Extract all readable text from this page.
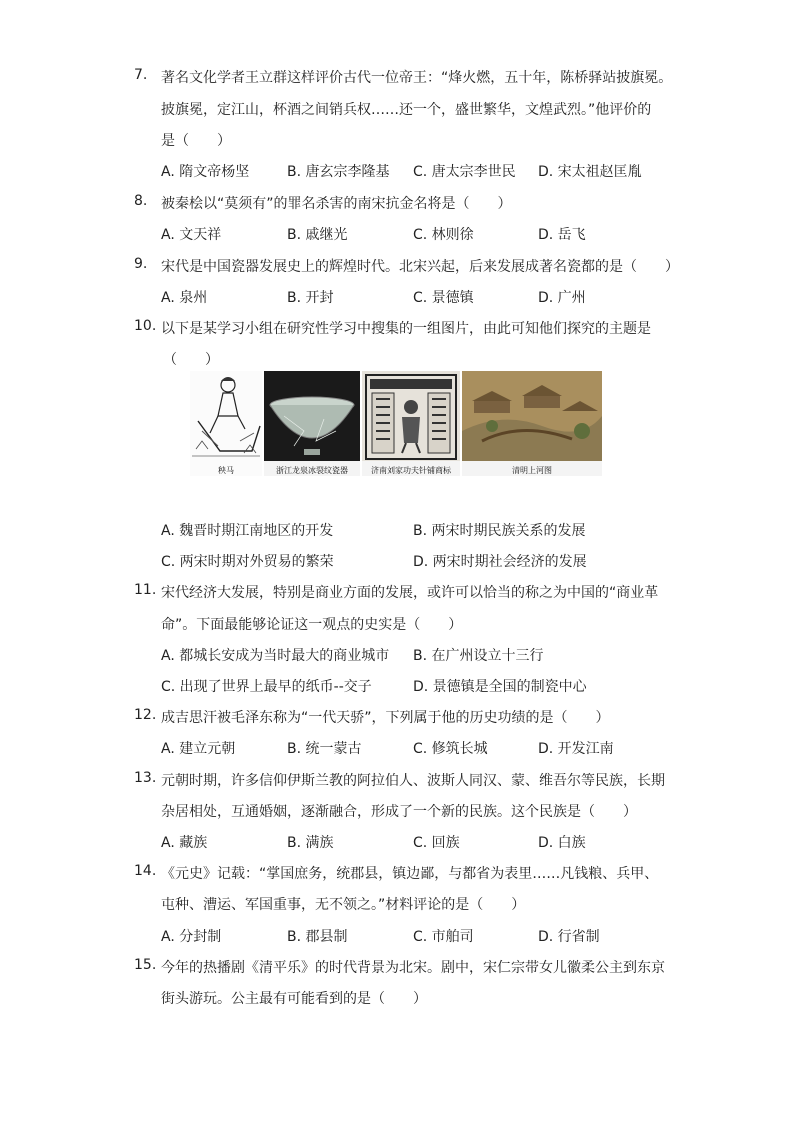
7. 著名文化学者王立群这样评价古代一位帝王：“烽火燃，五十年，陈桥驿站披旗冕。
披旗冕，定江山，杯酒之间销兵权……还一个，盛世繁华，文煌武烈。”他评价的
是（　　）
A. 隋文帝杨坚	B. 唐玄宗李隆基 C. 唐太宗李世民 D. 宋太祖赵匡胤
8. 被秦桧以“莫须有”的罪名杀害的南宋抗金名将是（　　）
A. 文天祥	B. 戚继光	C. 林则徐	D. 岳飞
9. 宋代是中国瓷器发展史上的辉煌时代。北宋兴起，后来发展成著名瓷都的是（　　）
A. 泉州	B. 开封	C. 景德镇	D. 广州
10. 以下是某学习小组在研究性学习中搜集的一组图片，由此可知他们探究的主题是
（　　）
秧马	浙江龙泉冰裂纹瓷器	济南刘家功夫针铺商标	清明上河图
A. 魏晋时期江南地区的开发	B. 两宋时期民族关系的发展
C. 两宋时期对外贸易的繁荣	D. 两宋时期社会经济的发展
11. 宋代经济大发展，特别是商业方面的发展，或许可以恰当的称之为中国的“商业革
命”。下面最能够论证这一观点的史实是（　　）
A. 都城长安成为当时最大的商业城市 B. 在广州设立十三行
C. 出现了世界上最早的纸币--交子	D. 景德镇是全国的制瓷中心
12. 成吉思汗被毛泽东称为“一代天骄”，下列属于他的历史功绩的是（　　）
A. 建立元朝	B. 统一蒙古	C. 修筑长城	D. 开发江南
13. 元朝时期，许多信仰伊斯兰教的阿拉伯人、波斯人同汉、蒙、维吾尔等民族，长期
杂居相处，互通婚姻，逐渐融合，形成了一个新的民族。这个民族是（　　）
A. 藏族	B. 满族	C. 回族	D. 白族
14. 《元史》记载：“掌国庶务，统郡县，镇边鄙，与都省为表里……凡钱粮、兵甲、
屯种、漕运、军国重事，无不领之。”材料评论的是（　　）
A. 分封制	B. 郡县制	C. 市舶司	D. 行省制
15. 今年的热播剧《清平乐》的时代背景为北宋。剧中，宋仁宗带女儿徽柔公主到东京
街头游玩。公主最有可能看到的是（　　）
